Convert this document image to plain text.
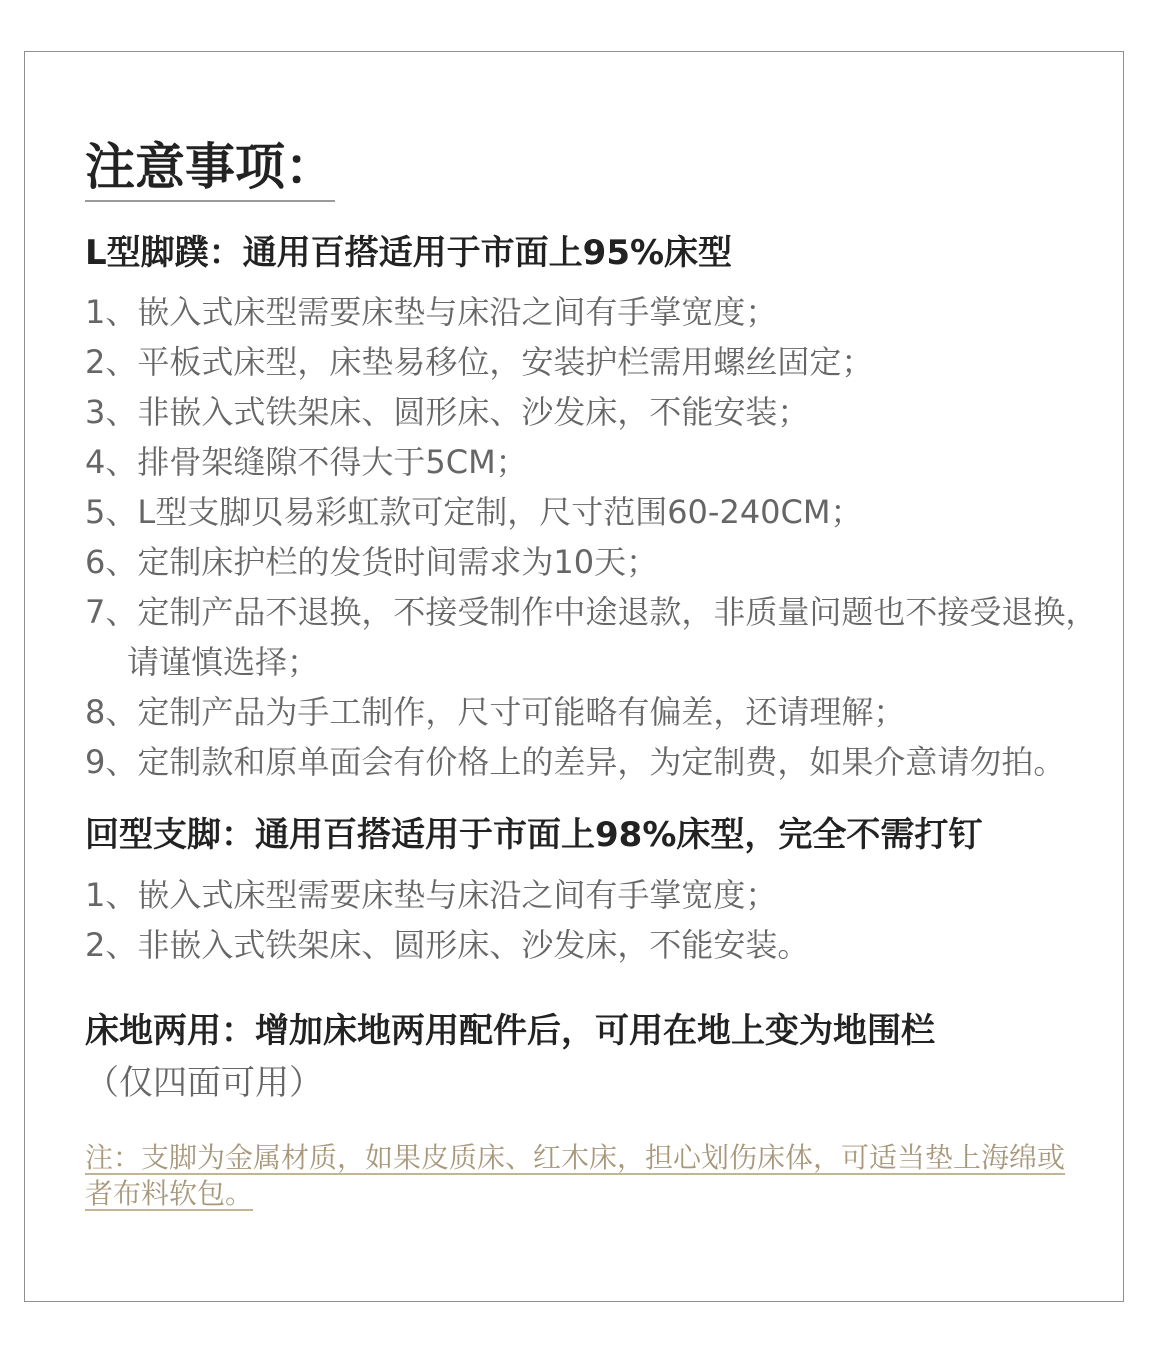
注意事项：
L型脚蹼：通用百搭适用于市面上95%床型
1、嵌入式床型需要床垫与床沿之间有手掌宽度；
2、平板式床型，床垫易移位，安装护栏需用螺丝固定；
3、非嵌入式铁架床、圆形床、沙发床，不能安装；
4、排骨架缝隙不得大于5CM；
5、L型支脚贝易彩虹款可定制，尺寸范围60-240CM；
6、定制床护栏的发货时间需求为10天；
7、定制产品不退换，不接受制作中途退款，非质量问题也不接受退换，请谨慎选择；
8、定制产品为手工制作，尺寸可能略有偏差，还请理解；
9、定制款和原单面会有价格上的差异，为定制费，如果介意请勿拍。
回型支脚：通用百搭适用于市面上98%床型，完全不需打钉
1、嵌入式床型需要床垫与床沿之间有手掌宽度；
2、非嵌入式铁架床、圆形床、沙发床，不能安装。
床地两用：增加床地两用配件后，可用在地上变为地围栏

（仅四面可用）

注：支脚为金属材质，如果皮质床、红木床，担心划伤床体，可适当垫上海绵或者布料软包。
